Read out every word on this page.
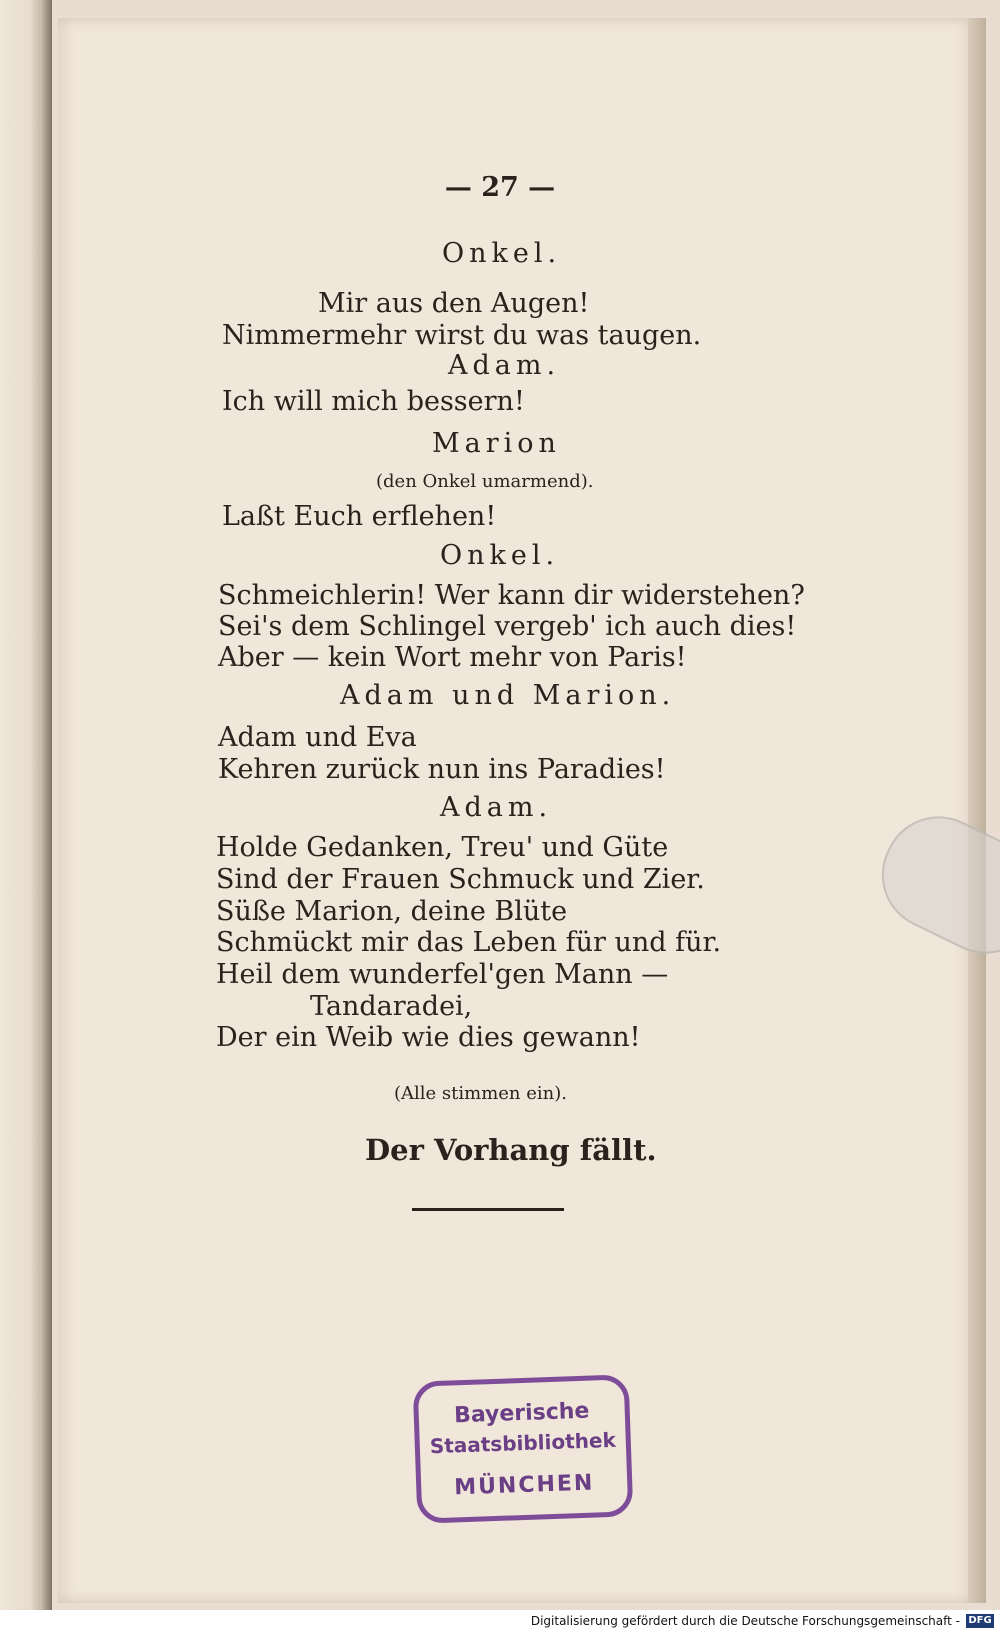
— 27 —
Onkel.
Mir aus den Augen!
Nimmermehr wirst du was taugen.
Adam.
Ich will mich bessern!
Marion
(den Onkel umarmend).
Laßt Euch erflehen!
Onkel.
Schmeichlerin! Wer kann dir widerstehen?
Sei's dem Schlingel vergeb' ich auch dies!
Aber — kein Wort mehr von Paris!
Adam und Marion.
Adam und Eva
Kehren zurück nun ins Paradies!
Adam.
Holde Gedanken, Treu' und Güte
Sind der Frauen Schmuck und Zier.
Süße Marion, deine Blüte
Schmückt mir das Leben für und für.
Heil dem wunderfel'gen Mann —
Tandaradei,
Der ein Weib wie dies gewann!
(Alle stimmen ein).
Der Vorhang fällt.
Bayerische
Staatsbibliothek
MÜNCHEN
Digitalisierung gefördert durch die Deutsche Forschungsgemeinschaft - DFG
